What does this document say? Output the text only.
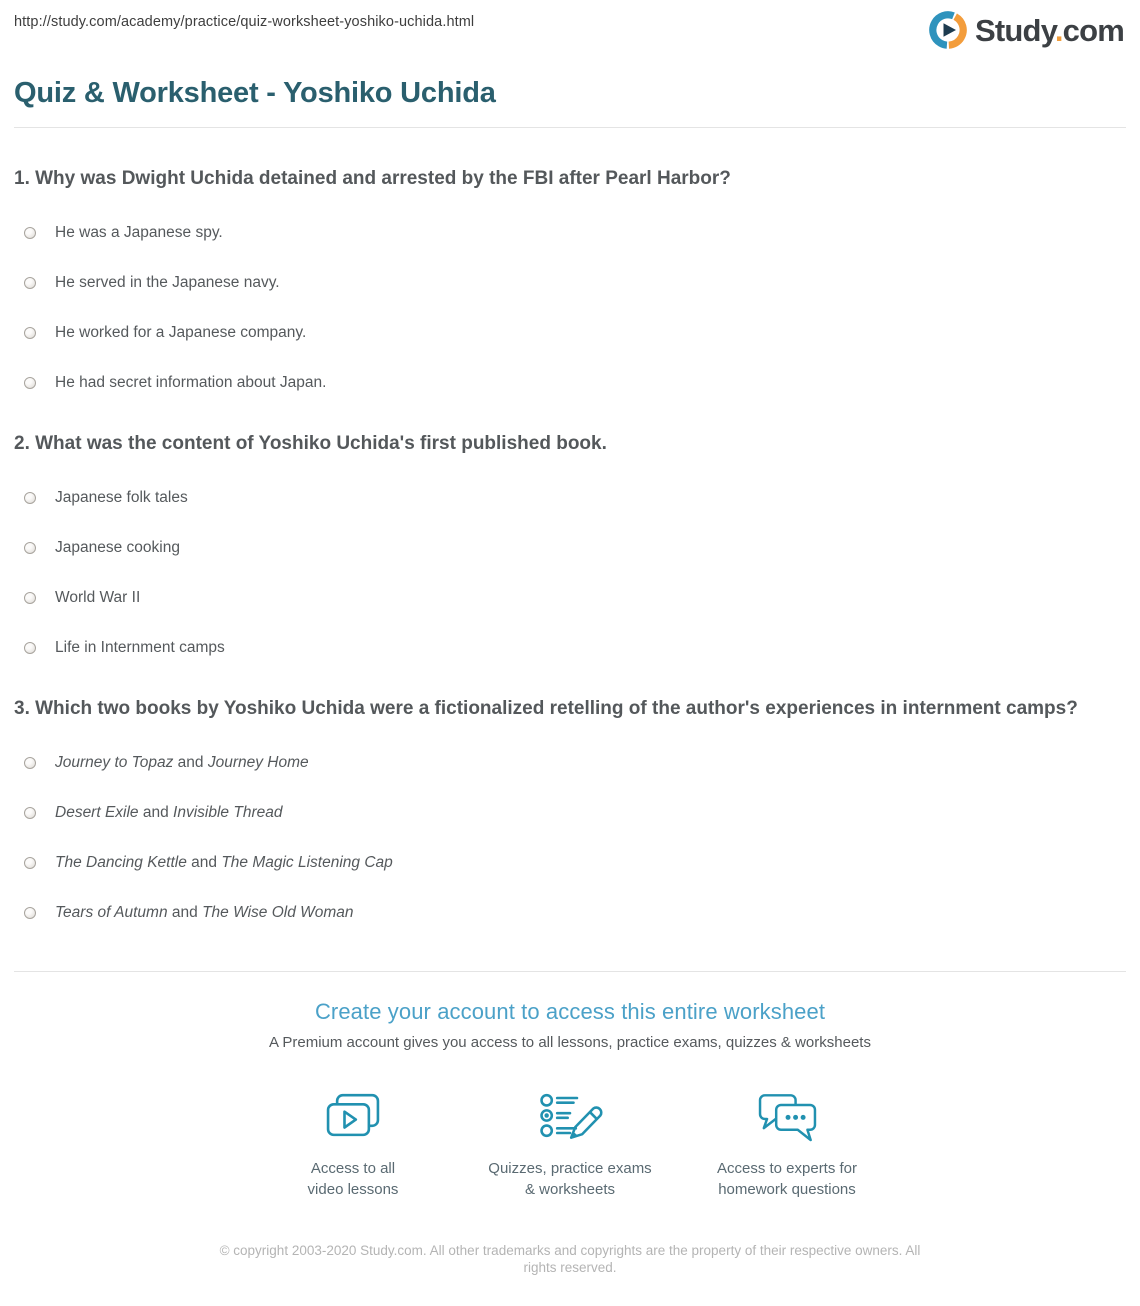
http://study.com/academy/practice/quiz-worksheet-yoshiko-uchida.html	Study.com
Quiz & Worksheet - Yoshiko Uchida
1. Why was Dwight Uchida detained and arrested by the FBI after Pearl Harbor?
He was a Japanese spy.
He served in the Japanese navy.
He worked for a Japanese company.
He had secret information about Japan.
2. What was the content of Yoshiko Uchida's first published book.
Japanese folk tales
Japanese cooking
World War II
Life in Internment camps
3. Which two books by Yoshiko Uchida were a fictionalized retelling of the author's experiences in internment camps?
Journey to Topaz and Journey Home
Desert Exile and Invisible Thread
The Dancing Kettle and The Magic Listening Cap
Tears of Autumn and The Wise Old Woman
Create your account to access this entire worksheet
A Premium account gives you access to all lessons, practice exams, quizzes & worksheets
Access to all
video lessons
Quizzes, practice exams
& worksheets
Access to experts for
homework questions
© copyright 2003-2020 Study.com. All other trademarks and copyrights are the property of their respective owners. All rights reserved.
